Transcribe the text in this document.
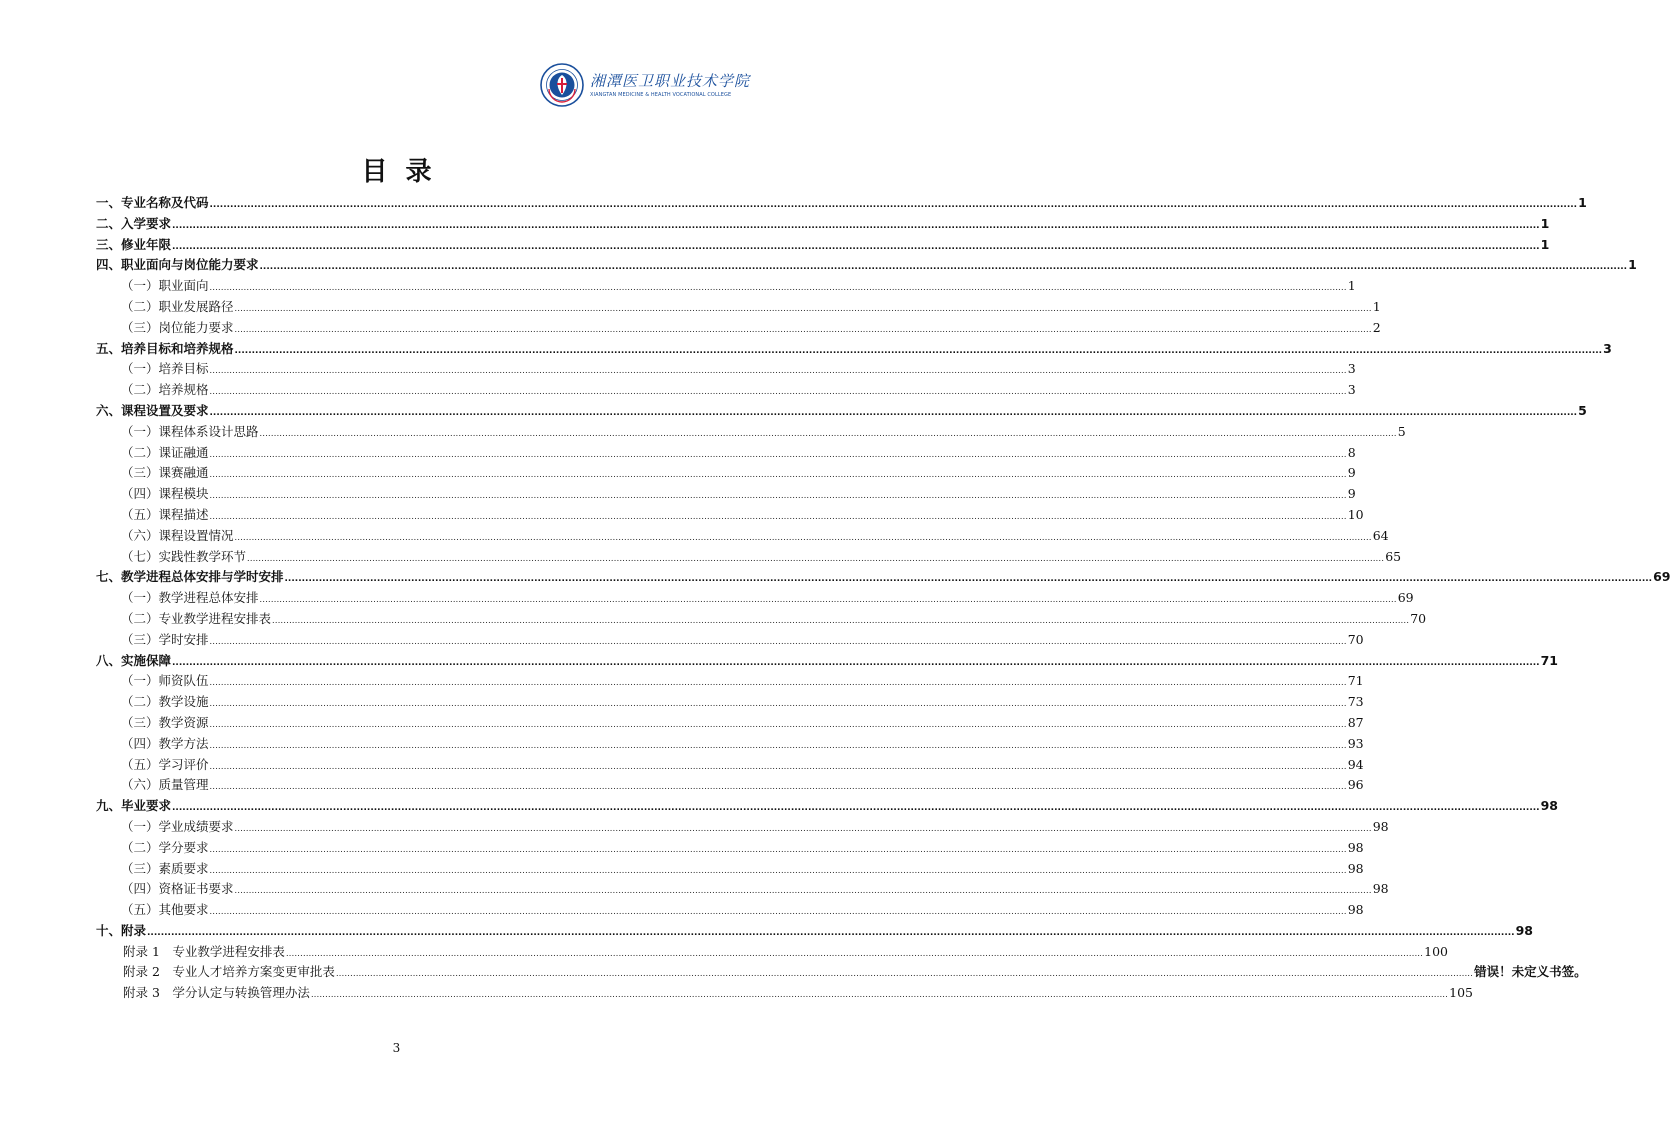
湘潭医卫职业技术学院
XIANGTAN MEDICINE & HEALTH VOCATIONAL COLLEGE
目录
一、专业名称及代码 ................................................................................................................................................................................................................................................................................................................................................................................................................ 1
二、入学要求 ................................................................................................................................................................................................................................................................................................................................................................................................................ 1
三、修业年限 ................................................................................................................................................................................................................................................................................................................................................................................................................ 1
四、职业面向与岗位能力要求 ................................................................................................................................................................................................................................................................................................................................................................................................................ 1
（一）职业面向 ................................................................................................................................................................................................................................................................................................................................................................................................................ 1
（二）职业发展路径 ................................................................................................................................................................................................................................................................................................................................................................................................................ 1
（三）岗位能力要求 ................................................................................................................................................................................................................................................................................................................................................................................................................ 2
五、培养目标和培养规格 ................................................................................................................................................................................................................................................................................................................................................................................................................ 3
（一）培养目标 ................................................................................................................................................................................................................................................................................................................................................................................................................ 3
（二）培养规格 ................................................................................................................................................................................................................................................................................................................................................................................................................ 3
六、课程设置及要求 ................................................................................................................................................................................................................................................................................................................................................................................................................ 5
（一）课程体系设计思路 ................................................................................................................................................................................................................................................................................................................................................................................................................ 5
（二）课证融通 ................................................................................................................................................................................................................................................................................................................................................................................................................ 8
（三）课赛融通 ................................................................................................................................................................................................................................................................................................................................................................................................................ 9
（四）课程模块 ................................................................................................................................................................................................................................................................................................................................................................................................................ 9
（五）课程描述 ................................................................................................................................................................................................................................................................................................................................................................................................................ 10
（六）课程设置情况 ................................................................................................................................................................................................................................................................................................................................................................................................................ 64
（七）实践性教学环节 ................................................................................................................................................................................................................................................................................................................................................................................................................ 65
七、教学进程总体安排与学时安排 ................................................................................................................................................................................................................................................................................................................................................................................................................ 69
（一）教学进程总体安排 ................................................................................................................................................................................................................................................................................................................................................................................................................ 69
（二）专业教学进程安排表 ................................................................................................................................................................................................................................................................................................................................................................................................................ 70
（三）学时安排 ................................................................................................................................................................................................................................................................................................................................................................................................................ 70
八、实施保障 ................................................................................................................................................................................................................................................................................................................................................................................................................ 71
（一）师资队伍 ................................................................................................................................................................................................................................................................................................................................................................................................................ 71
（二）教学设施 ................................................................................................................................................................................................................................................................................................................................................................................................................ 73
（三）教学资源 ................................................................................................................................................................................................................................................................................................................................................................................................................ 87
（四）教学方法 ................................................................................................................................................................................................................................................................................................................................................................................................................ 93
（五）学习评价 ................................................................................................................................................................................................................................................................................................................................................................................................................ 94
（六）质量管理 ................................................................................................................................................................................................................................................................................................................................................................................................................ 96
九、毕业要求 ................................................................................................................................................................................................................................................................................................................................................................................................................ 98
（一）学业成绩要求 ................................................................................................................................................................................................................................................................................................................................................................................................................ 98
（二）学分要求 ................................................................................................................................................................................................................................................................................................................................................................................................................ 98
（三）素质要求 ................................................................................................................................................................................................................................................................................................................................................................................................................ 98
（四）资格证书要求 ................................................................................................................................................................................................................................................................................................................................................................................................................ 98
（五）其他要求 ................................................................................................................................................................................................................................................................................................................................................................................................................ 98
十、附录 ................................................................................................................................................................................................................................................................................................................................................................................................................ 98
附录 1　专业教学进程安排表 ................................................................................................................................................................................................................................................................................................................................................................................................................ 100
附录 2　专业人才培养方案变更审批表 ................................................................................................................................................................................................................................................................................................................................................................................................................ 错误！未定义书签。
附录 3　学分认定与转换管理办法 ................................................................................................................................................................................................................................................................................................................................................................................................................ 105
3
